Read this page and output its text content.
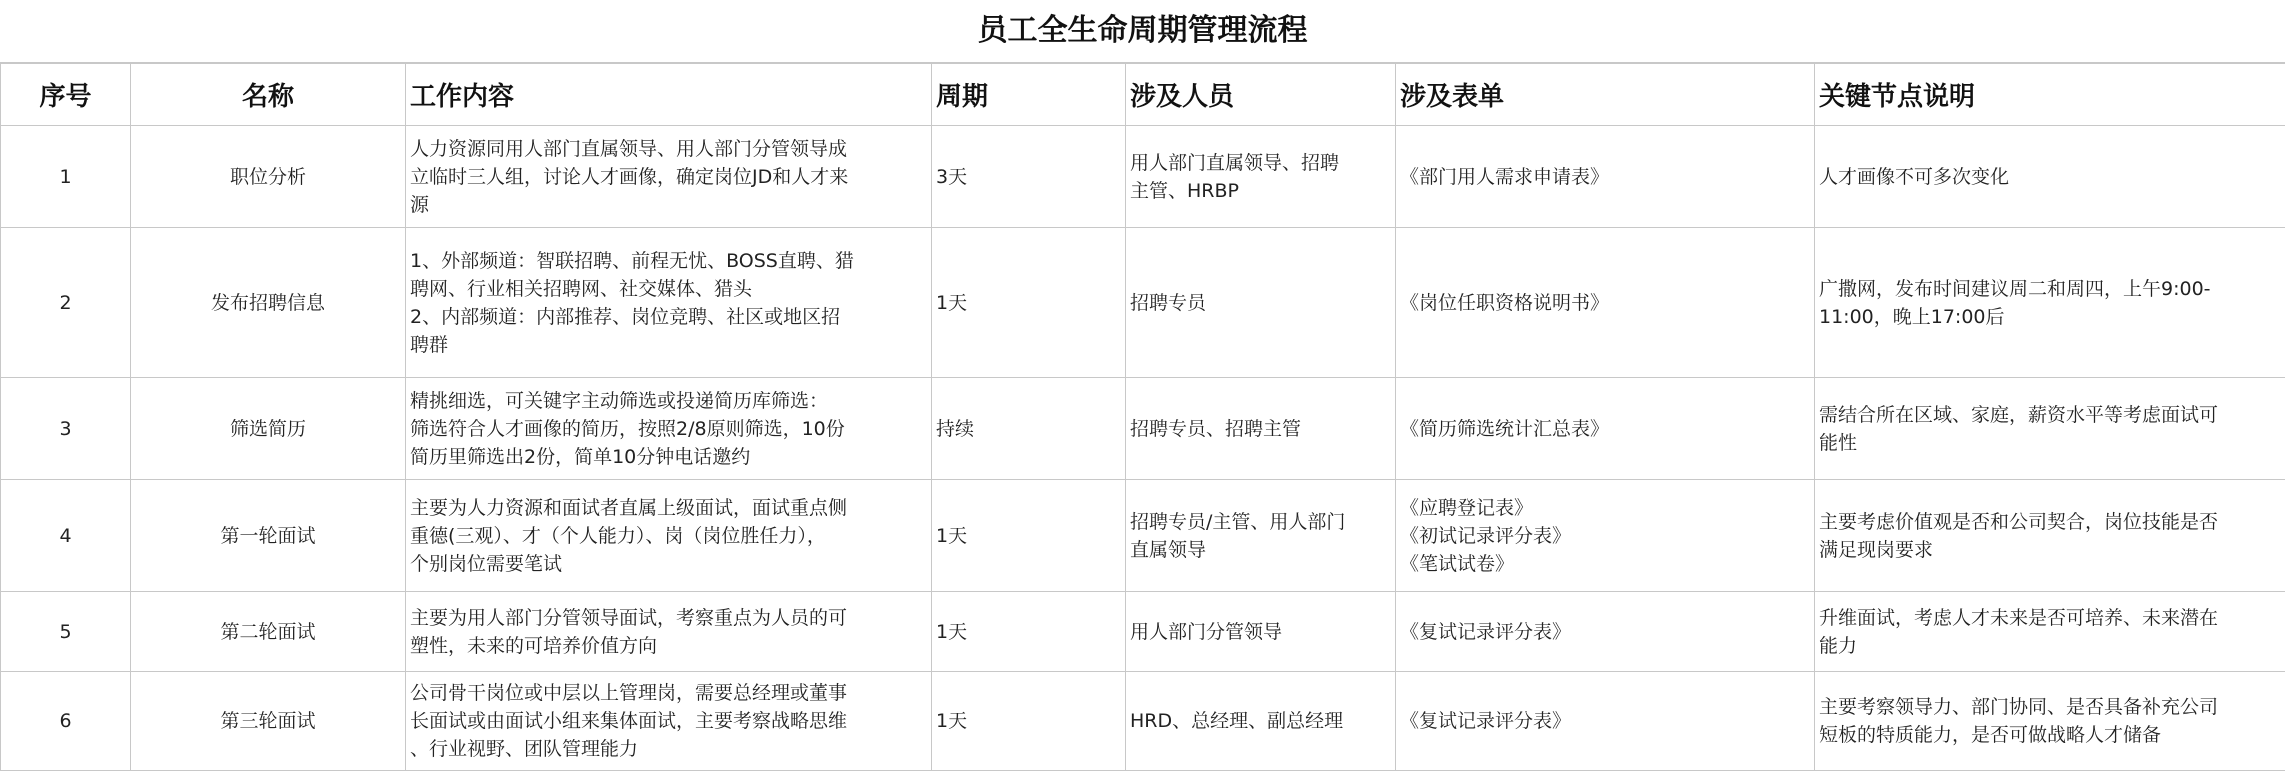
员工全生命周期管理流程
序号	名称	工作内容	周期	涉及人员	涉及表单	关键节点说明
1	职位分析	人力资源同用人部门直属领导、用人部门分管领导成
立临时三人组，讨论人才画像，确定岗位JD和人才来
源	3天	用人部门直属领导、招聘
主管、HRBP	《部门用人需求申请表》	人才画像不可多次变化
2	发布招聘信息	1、外部频道：智联招聘、前程无忧、BOSS直聘、猎
聘网、行业相关招聘网、社交媒体、猎头
2、内部频道：内部推荐、岗位竞聘、社区或地区招
聘群	1天	招聘专员	《岗位任职资格说明书》	广撒网，发布时间建议周二和周四，上午9:00-
11:00，晚上17:00后
3	筛选简历	精挑细选，可关键字主动筛选或投递简历库筛选：
筛选符合人才画像的简历，按照2/8原则筛选，10份
简历里筛选出2份，简单10分钟电话邀约	持续	招聘专员、招聘主管	《简历筛选统计汇总表》	需结合所在区域、家庭，薪资水平等考虑面试可
能性
4	第一轮面试	主要为人力资源和面试者直属上级面试，面试重点侧
重德(三观）、才（个人能力）、岗（岗位胜任力），
个别岗位需要笔试	1天	招聘专员/主管、用人部门
直属领导	《应聘登记表》
《初试记录评分表》
《笔试试卷》	主要考虑价值观是否和公司契合，岗位技能是否
满足现岗要求
5	第二轮面试	主要为用人部门分管领导面试，考察重点为人员的可
塑性，未来的可培养价值方向	1天	用人部门分管领导	《复试记录评分表》	升维面试，考虑人才未来是否可培养、未来潜在
能力
6	第三轮面试	公司骨干岗位或中层以上管理岗，需要总经理或董事
长面试或由面试小组来集体面试，主要考察战略思维
、行业视野、团队管理能力	1天	HRD、总经理、副总经理	《复试记录评分表》	主要考察领导力、部门协同、是否具备补充公司
短板的特质能力，是否可做战略人才储备
